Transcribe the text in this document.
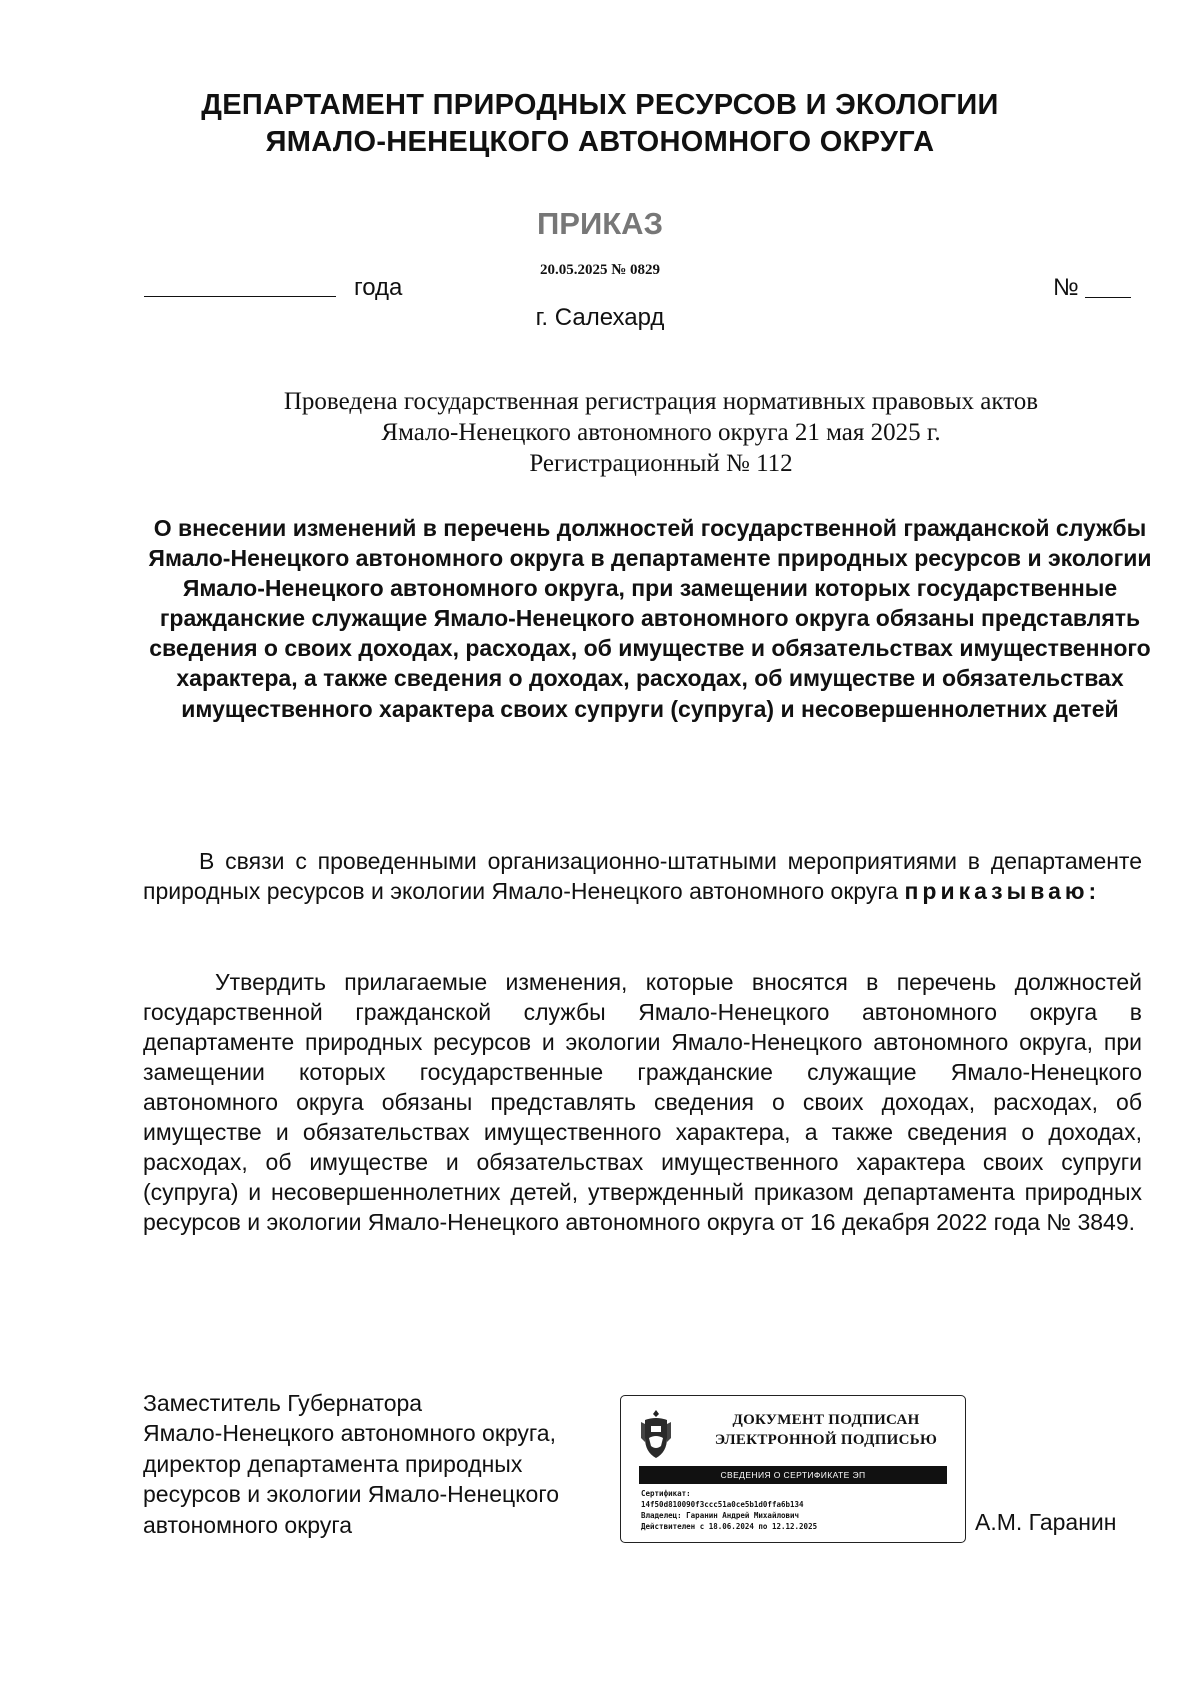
ДЕПАРТАМЕНТ ПРИРОДНЫХ РЕСУРСОВ И ЭКОЛОГИИ
ЯМАЛО-НЕНЕЦКОГО АВТОНОМНОГО ОКРУГА
ПРИКАЗ
года
20.05.2025 № 0829
№
г. Салехард
Проведена государственная регистрация нормативных правовых актов
Ямало-Ненецкого автономного округа 21 мая 2025 г.
Регистрационный № 112
О внесении изменений в перечень должностей государственной гражданской службы Ямало-Ненецкого автономного округа в департаменте природных ресурсов и экологии Ямало-Ненецкого автономного округа, при замещении которых государственные гражданские служащие Ямало-Ненецкого автономного округа обязаны представлять сведения о своих доходах, расходах, об имуществе и обязательствах имущественного характера, а также сведения о доходах, расходах, об имуществе и обязательствах имущественного характера своих супруги (супруга) и несовершеннолетних детей
В связи с проведенными организационно-штатными мероприятиями в департаменте природных ресурсов и экологии Ямало-Ненецкого автономного округа приказываю:
Утвердить прилагаемые изменения, которые вносятся в перечень должностей государственной гражданской службы Ямало-Ненецкого автономного округа в департаменте природных ресурсов и экологии Ямало-Ненецкого автономного округа, при замещении которых государственные гражданские служащие Ямало-Ненецкого автономного округа обязаны представлять сведения о своих доходах, расходах, об имуществе и обязательствах имущественного характера, а также сведения о доходах, расходах, об имуществе и обязательствах имущественного характера своих супруги (супруга) и несовершеннолетних детей, утвержденный приказом департамента природных ресурсов и экологии Ямало-Ненецкого автономного округа от 16 декабря 2022 года № 3849.
Заместитель Губернатора
Ямало-Ненецкого автономного округа,
директор департамента природных
ресурсов и экологии Ямало-Ненецкого
автономного округа
ДОКУМЕНТ ПОДПИСАН
ЭЛЕКТРОННОЙ ПОДПИСЬЮ
СВЕДЕНИЯ О СЕРТИФИКАТЕ ЭП
Сертификат:
14f50d810090f3ccc51a0ce5b1d0ffa6b134
Владелец: Гаранин Андрей Михайлович
Действителен с 18.06.2024 по 12.12.2025	А.М. Гаранин
